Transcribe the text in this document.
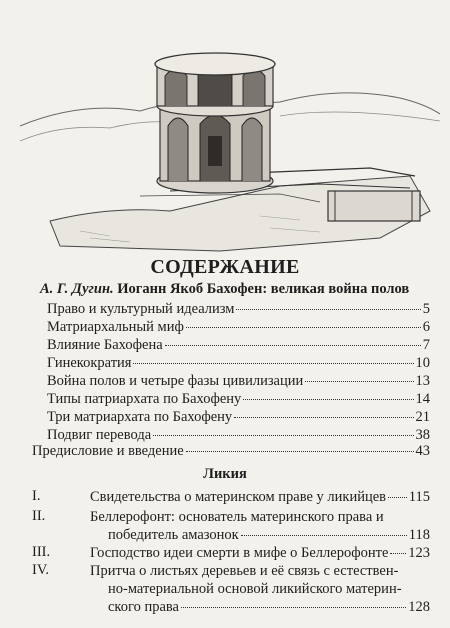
СОДЕРЖАНИЕ
А. Г. Дугин. Иоганн Якоб Бахофен: великая война полов
Право и культурный идеализм	5
Матриархальный миф	6
Влияние Бахофена	7
Гинекократия	10
Война полов и четыре фазы цивилизации	13
Типы патриархата по Бахофену	14
Три матриархата по Бахофену	21
Подвиг перевода	38
Предисловие и введение	43
Ликия
I.	Свидетельства о материнском праве у ликийцев 115
II.	Беллерофонт: основатель материнского права и
победитель амазонок	118
III.	Господство идеи смерти в мифе о Беллерофонте 123
IV.	Притча о листьях деревьев и её связь с естествен-
но-материальной основой ликийского материн-
ского права	128
